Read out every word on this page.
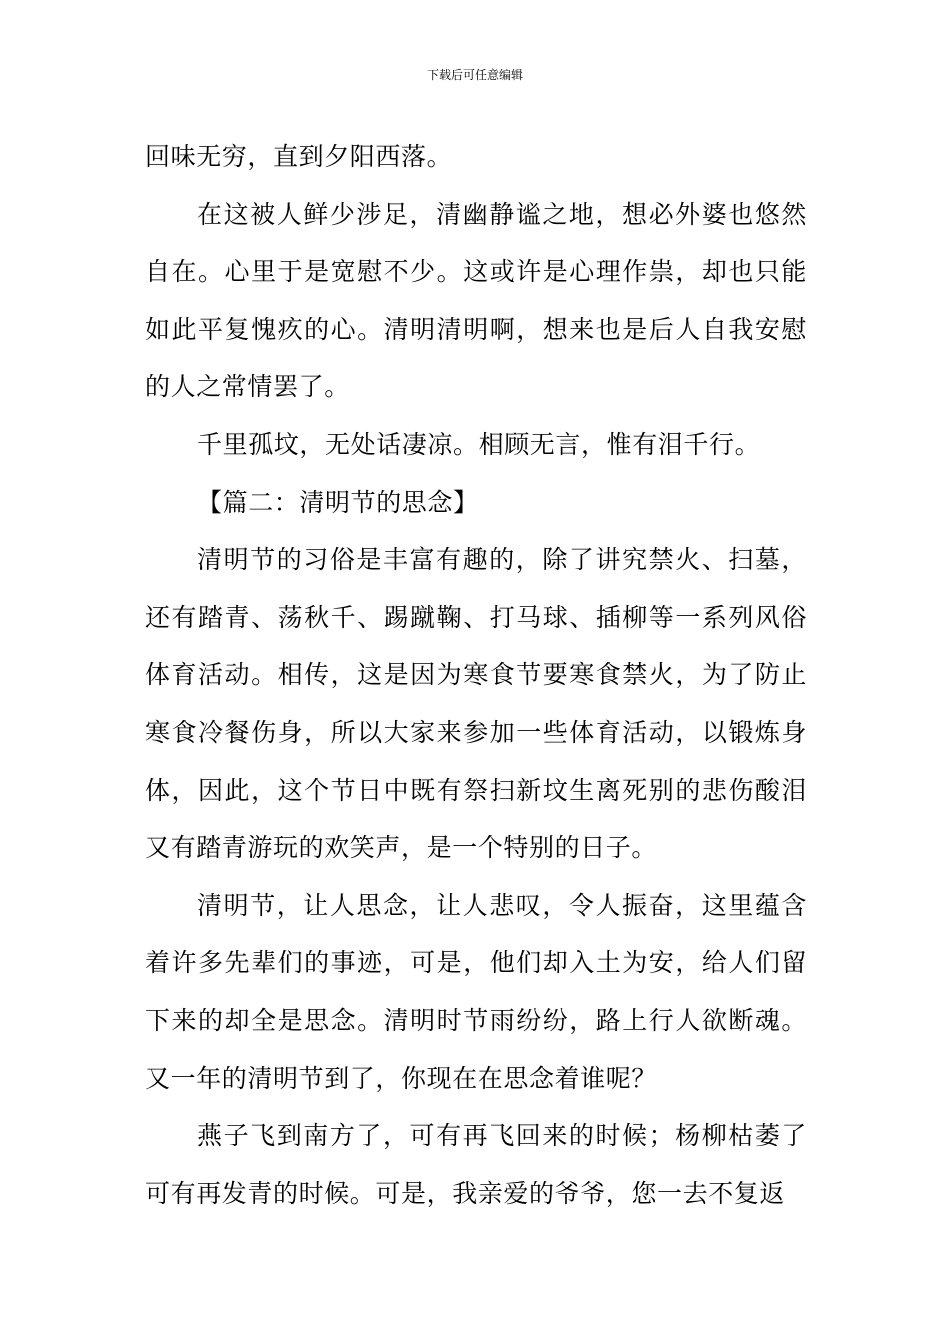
下载后可任意编辑

回味无穷，直到夕阳西落。

在这被人鲜少涉足，清幽静谧之地，想必外婆也悠然自在。心里于是宽慰不少。这或许是心理作祟，却也只能如此平复愧疚的心。清明清明啊，想来也是后人自我安慰的人之常情罢了。

千里孤坟，无处话凄凉。相顾无言，惟有泪千行。

【篇二：清明节的思念】

清明节的习俗是丰富有趣的，除了讲究禁火、扫墓，还有踏青、荡秋千、踢蹴鞠、打马球、插柳等一系列风俗体育活动。相传，这是因为寒食节要寒食禁火，为了防止寒食冷餐伤身，所以大家来参加一些体育活动，以锻炼身体，因此，这个节日中既有祭扫新坟生离死别的悲伤酸泪又有踏青游玩的欢笑声，是一个特别的日子。

清明节，让人思念，让人悲叹，令人振奋，这里蕴含着许多先辈们的事迹，可是，他们却入土为安，给人们留下来的却全是思念。清明时节雨纷纷，路上行人欲断魂。又一年的清明节到了，你现在在思念着谁呢？

燕子飞到南方了，可有再飞回来的时候；杨柳枯萎了可有再发青的时候。可是，我亲爱的爷爷，您一去不复返
